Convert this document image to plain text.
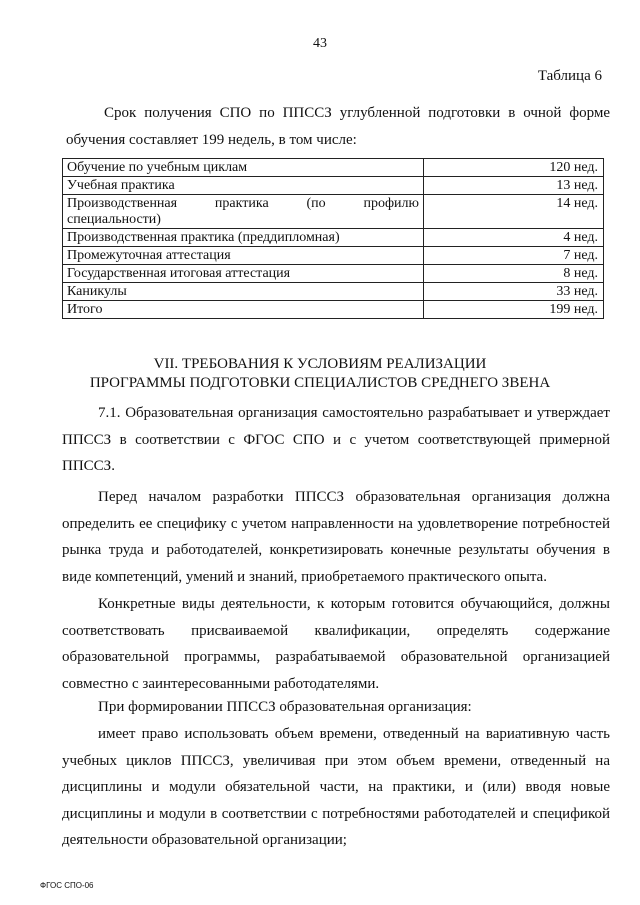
43
Таблица 6

Срок получения СПО по ППССЗ углубленной подготовки в очной форме обучения составляет 199 недель, в том числе:

Обучение по учебным циклам	120 нед.
Учебная практика	13 нед.

Производственная практика (по профилю
специальности)	14 нед.
Производственная практика (преддипломная)	4 нед.
Промежуточная аттестация	7 нед.
Государственная итоговая аттестация	8 нед.
Каникулы	33 нед.
Итого	199 нед.
VII. ТРЕБОВАНИЯ К УСЛОВИЯМ РЕАЛИЗАЦИИ
ПРОГРАММЫ ПОДГОТОВКИ СПЕЦИАЛИСТОВ СРЕДНЕГО ЗВЕНА

7.1. Образовательная организация самостоятельно разрабатывает и утверждает ППССЗ в соответствии с ФГОС СПО и с учетом соответствующей примерной ППССЗ.

Перед началом разработки ППССЗ образовательная организация должна определить ее специфику с учетом направленности на удовлетворение потребностей рынка труда и работодателей, конкретизировать конечные результаты обучения в виде компетенций, умений и знаний, приобретаемого практического опыта.

Конкретные виды деятельности, к которым готовится обучающийся, должны соответствовать присваиваемой квалификации, определять содержание образовательной программы, разрабатываемой образовательной организацией совместно с заинтересованными работодателями.

При формировании ППССЗ образовательная организация:

имеет право использовать объем времени, отведенный на вариативную часть учебных циклов ППССЗ, увеличивая при этом объем времени, отведенный на дисциплины и модули обязательной части, на практики, и (или) вводя новые дисциплины и модули в соответствии с потребностями работодателей и спецификой деятельности образовательной организации;

ФГОС СПО-06
